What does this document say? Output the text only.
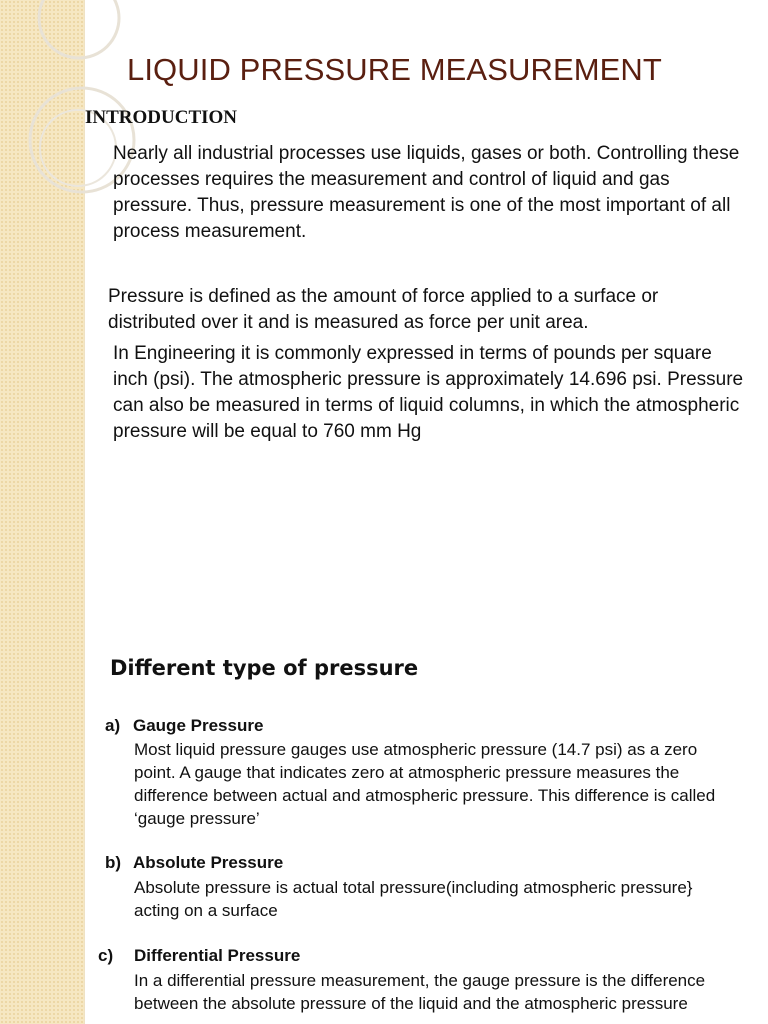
LIQUID PRESSURE MEASUREMENT
INTRODUCTION
Nearly all industrial processes use liquids, gases or both. Controlling these processes requires the measurement and control of liquid and gas pressure. Thus, pressure measurement is one of the most important of all process measurement.
Pressure is defined as the amount of force applied to a surface or distributed over it and is measured as force per unit area.
In Engineering it is commonly expressed in terms of pounds per square inch (psi). The atmospheric pressure is approximately 14.696 psi. Pressure can also be measured in terms of liquid columns, in which the atmospheric pressure will be equal to 760 mm Hg
Different type of pressure
a) Gauge Pressure
Most liquid pressure gauges use atmospheric pressure (14.7 psi) as a zero point. A gauge that indicates zero at atmospheric pressure measures the difference between actual and atmospheric pressure. This difference is called ‘gauge pressure’
b) Absolute Pressure
Absolute pressure is actual total pressure(including atmospheric pressure} acting on a surface
c) Differential Pressure
In a differential pressure measurement, the gauge pressure is the difference between the absolute pressure of the liquid and the atmospheric pressure
